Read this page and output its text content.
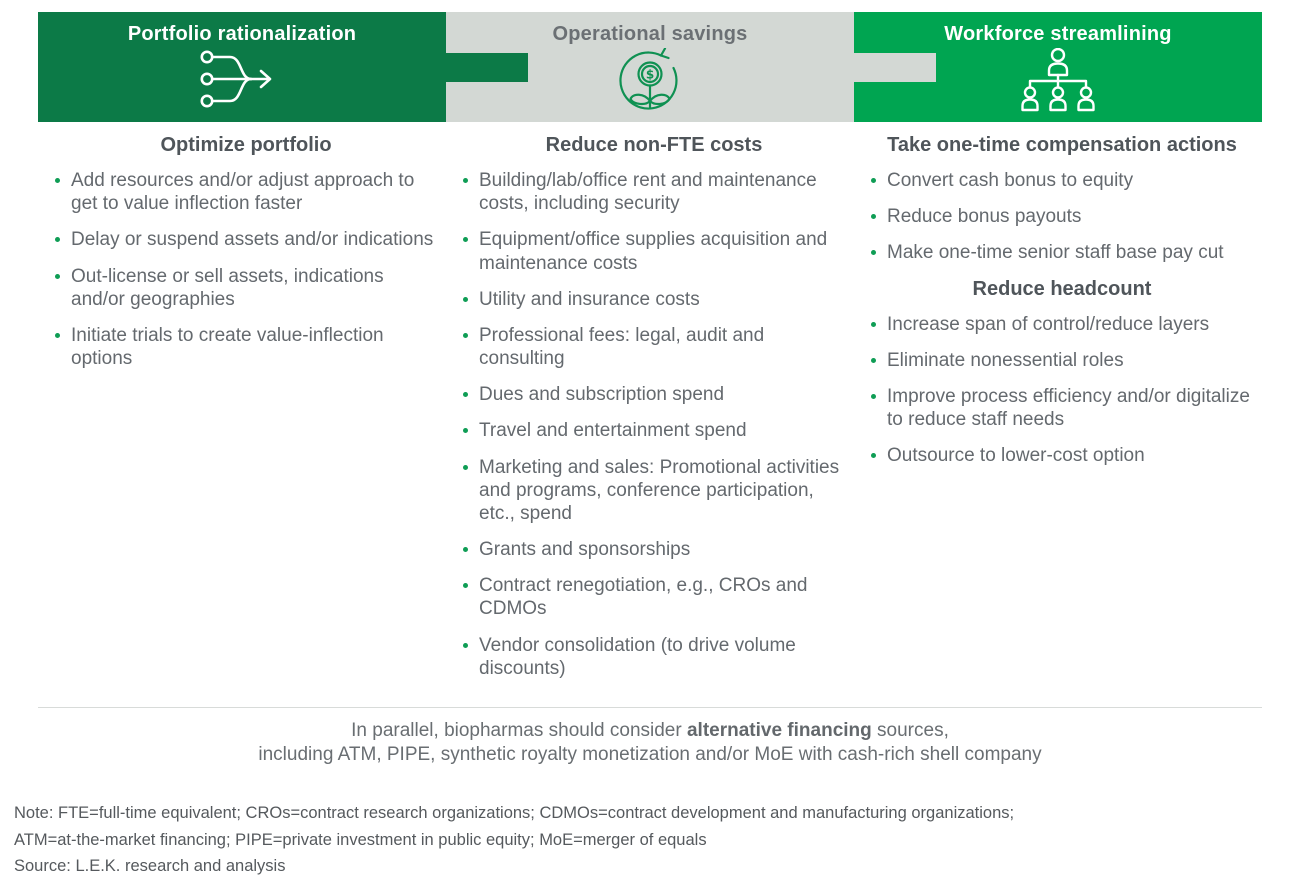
Portfolio rationalization	Operational savings
$
Workforce streamlining
Optimize portfolio
Add resources and/or adjust approach to get to value inflection faster
Delay or suspend assets and/or indications
Out-license or sell assets, indications and/or geographies
Initiate trials to create value-inflection options
Reduce non-FTE costs
Building/lab/office rent and maintenance costs, including security
Equipment/office supplies acquisition and maintenance costs
Utility and insurance costs
Professional fees: legal, audit and consulting
Dues and subscription spend
Travel and entertainment spend
Marketing and sales: Promotional activities and programs, conference participation, etc., spend
Grants and sponsorships
Contract renegotiation, e.g., CROs and CDMOs
Vendor consolidation (to drive volume discounts)
Take one-time compensation actions
Convert cash bonus to equity
Reduce bonus payouts
Make one-time senior staff base pay cut
Reduce headcount
Increase span of control/reduce layers
Eliminate nonessential roles
Improve process efficiency and/or digitalize to reduce staff needs
Outsource to lower-cost option
In parallel, biopharmas should consider alternative financing sources,
including ATM, PIPE, synthetic royalty monetization and/or MoE with cash-rich shell company
Note: FTE=full-time equivalent; CROs=contract research organizations; CDMOs=contract development and manufacturing organizations;
ATM=at-the-market financing; PIPE=private investment in public equity; MoE=merger of equals
Source: L.E.K. research and analysis
